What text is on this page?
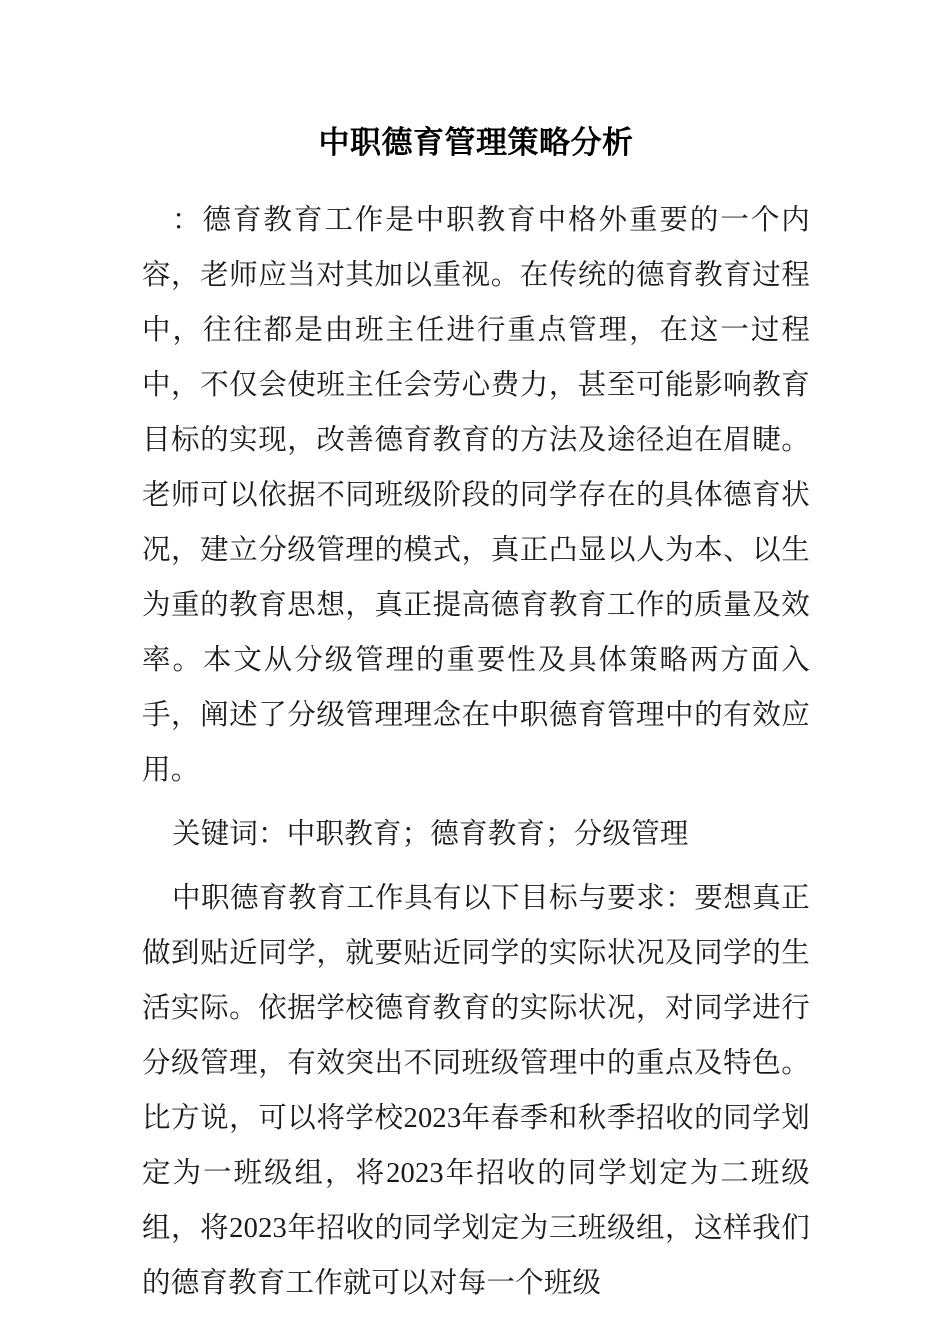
中职德育管理策略分析

：德育教育工作是中职教育中格外重要的一个内容，老师应当对其加以重视。在传统的德育教育过程中，往往都是由班主任进行重点管理，在这一过程中，不仅会使班主任会劳心费力，甚至可能影响教育目标的实现，改善德育教育的方法及途径迫在眉睫。老师可以依据不同班级阶段的同学存在的具体德育状况，建立分级管理的模式，真正凸显以人为本、以生为重的教育思想，真正提高德育教育工作的质量及效率。本文从分级管理的重要性及具体策略两方面入手，阐述了分级管理理念在中职德育管理中的有效应用。

关键词：中职教育；德育教育；分级管理

中职德育教育工作具有以下目标与要求：要想真正做到贴近同学，就要贴近同学的实际状况及同学的生活实际。依据学校德育教育的实际状况，对同学进行分级管理，有效突出不同班级管理中的重点及特色。比方说，可以将学校2023年春季和秋季招收的同学划定为一班级组，将2023年招收的同学划定为二班级组，将2023年招收的同学划定为三班级组，这样我们的德育教育工作就可以对每一个班级
